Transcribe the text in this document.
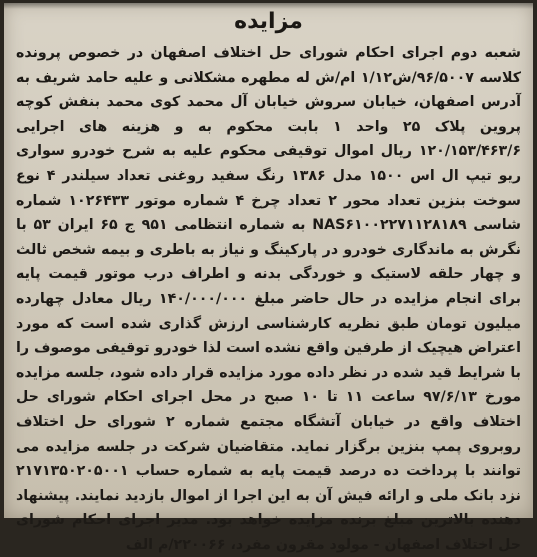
مزایده

شعبه دوم اجرای احکام شورای حل اختلاف اصفهان در خصوص پرونده کلاسه ۹۶/۵۰۰۷/ش۱/۱۲ ام/ش له مطهره مشکلانی و علیه حامد شریف به آدرس اصفهان، خیابان سروش خیابان آل محمد کوی محمد بنفش کوچه پروین پلاک ۲۵ واحد ۱ بابت محکوم به و هزینه های اجرایی ۱۲۰/۱۵۳/۴۶۳/۶ ریال اموال توقیفی محکوم علیه به شرح خودرو سواری ریو تیپ ال اس ۱۵۰۰ مدل ۱۳۸۶ رنگ سفید روغنی تعداد سیلندر ۴ نوع سوخت بنزین تعداد محور ۲ تعداد چرخ ۴ شماره موتور ۱۰۲۶۴۳۳ شماره شاسی NAS۶۱۰۰۲۲۷۱۱۲۸۱۸۹ به شماره انتظامی ۹۵۱ ج ۶۵ ایران ۵۳ با نگرش به ماندگاری خودرو در پارکینگ و نیاز به باطری و بیمه شخص ثالث و چهار حلقه لاستیک و خوردگی بدنه و اطراف درب موتور قیمت پایه برای انجام مزایده در حال حاضر مبلغ ۱۴۰/۰۰۰/۰۰۰ ریال معادل چهارده میلیون تومان طبق نظریه کارشناسی ارزش گذاری شده است که مورد اعتراض هیچیک از طرفین واقع نشده است لذا خودرو توقیفی موصوف را با شرایط قید شده در نظر داده مورد مزایده قرار داده شود، جلسه مزایده مورخ ۹۷/۶/۱۳ ساعت ۱۱ تا ۱۰ صبح در محل اجرای احکام شورای حل اختلاف واقع در خیابان آتشگاه مجتمع شماره ۲ شورای حل اختلاف روبروی پمپ بنزین برگزار نماید. متقاضیان شرکت در جلسه مزایده می توانند با پرداخت ده درصد قیمت پایه به شماره حساب ۲۱۷۱۳۵۰۲۰۵۰۰۱ نزد بانک ملی و ارائه فیش آن به این اجرا از اموال بازدید نمایند. پیشنهاد دهنده بالاترین مبلغ برنده مزایده خواهد بود. مدیر اجرای احکام شورای حل اختلاف اصفهان - مولود مقرون مفرد، ۲۲۰۰۶۶/م الف
